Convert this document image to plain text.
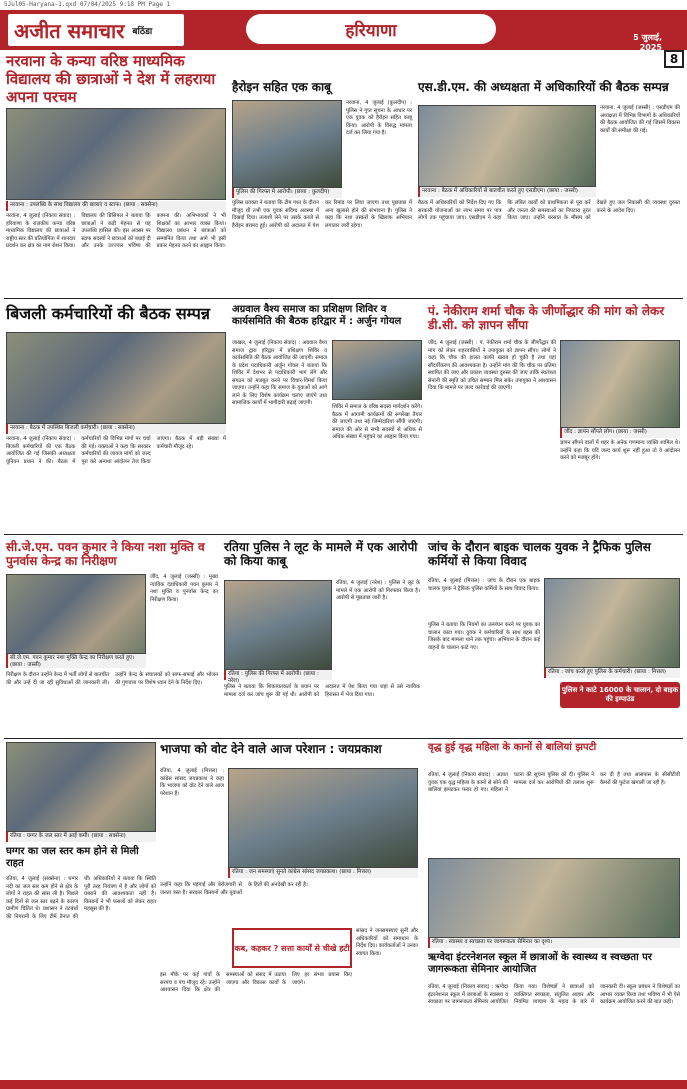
5Jul05-Haryana-1.qxd 07/04/2025 9:18 PM Page 1
अजीत समाचार बठिंडा	हरियाणा	5 जुलाई, 2025
8
नरवाना के कन्या वरिष्ठ माध्यमिक विद्यालय की छात्राओं ने देश में लहराया अपना परचम
नरवाना : उपलब्धि के साथ विद्यालय की छात्राएं व स्टाफ। (छाया : सक्सेना)
नरवाना, 4 जुलाई (निकाय संवाद) : हरियाणा के राजकीय कन्या वरिष्ठ माध्यमिक विद्यालय की छात्राओं ने राष्ट्रीय स्तर की प्रतियोगिता में शानदार प्रदर्शन कर क्षेत्र का नाम रोशन किया। विद्यालय की प्रिंसिपल ने बताया कि छात्राओं ने कड़ी मेहनत से यह उपलब्धि हासिल की। इस अवसर पर स्टाफ सदस्यों ने छात्राओं को बधाई दी और उनके उज्ज्वल भविष्य की कामना की। अभिभावकों ने भी शिक्षकों का आभार व्यक्त किया। विद्यालय प्रबंधन ने छात्राओं को सम्मानित किया तथा आगे भी इसी प्रकार मेहनत करने का आह्वान किया।
हैरोइन सहित एक काबू
पुलिस की गिरफ्त में आरोपी। (छाया : कुलदीप)
नरवाना, 4 जुलाई (कुलदीप) : पुलिस ने गुप्त सूचना के आधार पर एक युवक को हैरोइन सहित काबू किया। आरोपी के विरुद्ध मामला दर्ज कर लिया गया है।
पुलिस प्रवक्ता ने बताया कि टीम गश्त के दौरान मौजूद थी तभी एक युवक संदिग्ध अवस्था में दिखाई दिया। तलाशी लेने पर उसके कब्जे से हैरोइन बरामद हुई। आरोपी को अदालत में पेश कर रिमांड पर लिया जाएगा तथा पूछताछ में अन्य खुलासे होने की संभावना है। पुलिस ने कहा कि नशा तस्करों के खिलाफ अभियान लगातार जारी रहेगा।
एस.डी.एम. की अध्यक्षता में अधिकारियों की बैठक सम्पन्न
नरवाना : बैठक में अधिकारियों से बातचीत करते हुए एसडीएम। (छाया : जस्सी)
नरवाना, 4 जुलाई (जस्सी) : एसडीएम की अध्यक्षता में विभिन्न विभागों के अधिकारियों की बैठक आयोजित की गई जिसमें विकास कार्यों की समीक्षा की गई।
बैठक में अधिकारियों को निर्देश दिए गए कि सरकारी योजनाओं का लाभ समय पर पात्र लोगों तक पहुंचाया जाए। एसडीएम ने कहा कि लंबित कार्यों को प्राथमिकता से पूरा करें और जनता की समस्याओं का निपटारा तुरंत किया जाए। उन्होंने बरसात के मौसम को देखते हुए जल निकासी की व्यवस्था दुरुस्त करने के आदेश दिए।
बिजली कर्मचारियों की बैठक सम्पन्न
नरवाना : बैठक में उपस्थित बिजली कर्मचारी। (छाया : सक्सेना)
नरवाना, 4 जुलाई (निकाय संवाद) : बिजली कर्मचारियों की एक बैठक आयोजित की गई जिसकी अध्यक्षता यूनियन प्रधान ने की। बैठक में कर्मचारियों की विभिन्न मांगों पर चर्चा की गई। वक्ताओं ने कहा कि सरकार कर्मचारियों की जायज मांगों को जल्द पूरा करे अन्यथा आंदोलन तेज किया जाएगा। बैठक में बड़ी संख्या में कर्मचारी मौजूद रहे।
अग्रवाल वैश्य समाज का प्रशिक्षण शिविर व कार्यसमिति की बैठक हरिद्वार में : अर्जुन गोयल
जाखल, 4 जुलाई (निकाय संवाद) : अग्रवाल वैश्य समाज द्वारा हरिद्वार में प्रशिक्षण शिविर व कार्यसमिति की बैठक आयोजित की जाएगी। समाज के प्रदेश पदाधिकारी अर्जुन गोयल ने बताया कि शिविर में देशभर से पदाधिकारी भाग लेंगे और संगठन को मजबूत करने पर विचार-विमर्श किया जाएगा। उन्होंने कहा कि समाज के युवाओं को आगे लाने के लिए विशेष कार्यक्रम चलाए जाएंगे तथा सामाजिक कार्यों में भागीदारी बढ़ाई जाएगी।
शिविर में समाज के वरिष्ठ सदस्य मार्गदर्शन करेंगे। बैठक में आगामी कार्यक्रमों की रूपरेखा तैयार की जाएगी तथा नई जिम्मेदारियां सौंपी जाएंगी। समाज की ओर से सभी सदस्यों से अधिक से अधिक संख्या में पहुंचने का आह्वान किया गया।
पं. नेकीराम शर्मा चौक के जीर्णोद्धार की मांग को लेकर डी.सी. को ज्ञापन सौंपा
जींद : ज्ञापन सौंपते लोग। (छाया : जस्सी)
जींद, 4 जुलाई (जस्सी) : पं. नेकीराम शर्मा चौक के जीर्णोद्धार की मांग को लेकर शहरवासियों ने उपायुक्त को ज्ञापन सौंपा। लोगों ने कहा कि चौक की हालत काफी खराब हो चुकी है तथा यहां सौंदर्यीकरण की आवश्यकता है। उन्होंने मांग की कि चौक पर प्रतिमा स्थापित की जाए और प्रकाश व्यवस्था दुरुस्त की जाए ताकि स्वतंत्रता सेनानी की स्मृति को उचित सम्मान मिल सके। उपायुक्त ने आश्वासन दिया कि मामले पर जल्द कार्रवाई की जाएगी।
ज्ञापन सौंपने वालों में शहर के अनेक गणमान्य व्यक्ति शामिल थे। उन्होंने कहा कि यदि जल्द कार्य शुरू नहीं हुआ तो वे आंदोलन करने को मजबूर होंगे।
सी.जे.एम. पवन कुमार ने किया नशा मुक्ति व पुनर्वास केन्द्र का निरीक्षण
सी.जे.एम. पवन कुमार नशा मुक्ति केन्द्र का निरीक्षण करते हुए। (छाया : जस्सी)
जींद, 4 जुलाई (जस्सी) : मुख्य न्यायिक दंडाधिकारी पवन कुमार ने नशा मुक्ति व पुनर्वास केन्द्र का निरीक्षण किया।
निरीक्षण के दौरान उन्होंने केन्द्र में भर्ती लोगों से बातचीत की और उन्हें दी जा रही सुविधाओं की जानकारी ली। उन्होंने केन्द्र के संचालकों को साफ-सफाई और भोजन की गुणवत्ता पर विशेष ध्यान देने के निर्देश दिए।
रतिया पुलिस ने लूट के मामले में एक आरोपी को किया काबू
रतिया : पुलिस की गिरफ्त में आरोपी। (छाया : नरेश)
रतिया, 4 जुलाई (नरेश) : पुलिस ने लूट के मामले में एक आरोपी को गिरफ्तार किया है। आरोपी से पूछताछ जारी है।
पुलिस ने बताया कि शिकायतकर्ता के बयान पर मामला दर्ज कर जांच शुरू की गई थी। आरोपी को अदालत में पेश किया गया जहां से उसे न्यायिक हिरासत में भेज दिया गया।
जांच के दौरान बाइक चालक युवक ने ट्रैफिक पुलिस कर्मियों से किया विवाद
रतिया, 4 जुलाई (मित्तल) : जांच के दौरान एक बाइक चालक युवक ने ट्रैफिक पुलिस कर्मियों के साथ विवाद किया।
रतिया : जांच करते हुए पुलिस के कर्मचारी। (छाया : मित्तल)
पुलिस ने काटे 16000 के चालान, दो बाइक की इम्पाउंड
पुलिस ने बताया कि नियमों का उल्लंघन करने पर युवक का चालान काटा गया। युवक ने कर्मचारियों के साथ बहस की जिसके बाद मामला थाने तक पहुंचा। अभियान के दौरान कई वाहनों के चालान काटे गए।
भाजपा को वोट देने वाले आज परेशान : जयप्रकाश
रतिया : जन समस्याएं सुनते कांग्रेस सांसद जयप्रकाश। (छाया : मित्तल)
रतिया, 4 जुलाई (मित्तल) : कांग्रेस सांसद जयप्रकाश ने कहा कि भाजपा को वोट देने वाले आज परेशान हैं।
उन्होंने कहा कि महंगाई और बेरोजगारी से जनता त्रस्त है। सरकार किसानों और युवाओं के हितों की अनदेखी कर रही है।
कब, कहकर ? सत्ता कार्यों से चीखे हटी
सांसद ने जनसमस्याएं सुनीं और अधिकारियों को समाधान के निर्देश दिए। कार्यकर्ताओं ने उनका स्वागत किया।
इस मौके पर कई गांवों के सरपंच व पंच मौजूद रहे। उन्होंने आश्वासन दिया कि क्षेत्र की समस्याओं को संसद में उठाया जाएगा और विकास कार्यों के लिए हर संभव प्रयास किए जाएंगे।
रतिया : घग्गर के जल स्तर में आई कमी। (छाया : सक्सेना)
घग्गर का जल स्तर कम होने से मिली राहत
रतिया, 4 जुलाई (सक्सेना) : घग्गर नदी का जल स्तर कम होने से क्षेत्र के लोगों ने राहत की सांस ली है। पिछले कई दिनों से जल स्तर बढ़ने के कारण ग्रामीण चिंतित थे। प्रशासन ने तटबंधों की निगरानी के लिए टीमें तैनात की थीं। अधिकारियों ने बताया कि स्थिति पूरी तरह नियंत्रण में है और लोगों को घबराने की आवश्यकता नहीं है। किसानों ने भी फसलों को लेकर राहत महसूस की है।
वृद्ध हुई वृद्ध महिला के कानों से बालियां झपटी
रतिया, 4 जुलाई (निकाय संवाद) : अज्ञात युवक एक वृद्ध महिला के कानों से सोने की बालियां झपटकर फरार हो गए। महिला ने घटना की सूचना पुलिस को दी। पुलिस ने मामला दर्ज कर आरोपियों की तलाश शुरू कर दी है तथा आसपास के सीसीटीवी कैमरों की फुटेज खंगाली जा रही है।
रतिया : स्वास्थ्य व स्वच्छता पर जागरूकता सेमिनार का दृश्य।
ऋग्वेदा इंटरनेशनल स्कूल में छात्राओं के स्वास्थ्य व स्वच्छता पर जागरूकता सेमिनार आयोजित
रतिया, 4 जुलाई (निकाय संवाद) : ऋग्वेदा इंटरनेशनल स्कूल में छात्राओं के स्वास्थ्य व स्वच्छता पर जागरूकता सेमिनार आयोजित किया गया। विशेषज्ञों ने छात्राओं को व्यक्तिगत स्वच्छता, संतुलित आहार और नियमित व्यायाम के महत्व के बारे में जानकारी दी। स्कूल प्रबंधन ने विशेषज्ञों का आभार व्यक्त किया तथा भविष्य में भी ऐसे कार्यक्रम आयोजित करने की बात कही।
